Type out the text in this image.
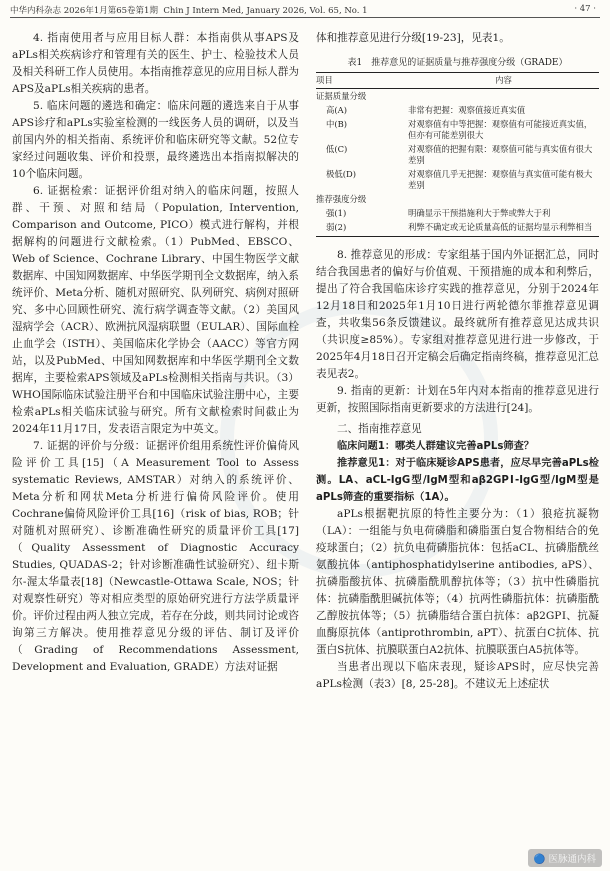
中华内科杂志 2026年1月第65卷第1期 Chin J Intern Med, January 2026, Vol. 65, No. 1	· 47 ·

4. 指南使用者与应用目标人群：本指南供从事APS及aPLs相关疾病诊疗和管理有关的医生、护士、检验技术人员及相关科研工作人员使用。本指南推荐意见的应用目标人群为APS及aPLs相关疾病的患者。

5. 临床问题的遴选和确定：临床问题的遴选来自于从事APS诊疗和aPLs实验室检测的一线医务人员的调研，以及当前国内外的相关指南、系统评价和临床研究等文献。52位专家经过问题收集、评价和投票，最终遴选出本指南拟解决的10个临床问题。

6. 证据检索：证据评价组对纳入的临床问题，按照人群、干预、对照和结局（Population, Intervention, Comparison and Outcome, PICO）模式进行解构，并根据解构的问题进行文献检索。（1）PubMed、EBSCO、Web of Science、Cochrane Library、中国生物医学文献数据库、中国知网数据库、中华医学期刊全文数据库，纳入系统评价、Meta分析、随机对照研究、队列研究、病例对照研究、多中心回顾性研究、流行病学调查等文献。（2）美国风湿病学会（ACR）、欧洲抗风湿病联盟（EULAR）、国际血栓止血学会（ISTH）、美国临床化学协会（AACC）等官方网站，以及PubMed、中国知网数据库和中华医学期刊全文数据库，主要检索APS领域及aPLs检测相关指南与共识。（3）WHO国际临床试验注册平台和中国临床试验注册中心，主要检索aPLs相关临床试验与研究。所有文献检索时间截止为2024年11月17日，发表语言限定为中英文。

7. 证据的评价与分级：证据评价组用系统性评价偏倚风险评价工具[15]（A Measurement Tool to Assess systematic Reviews, AMSTAR）对纳入的系统评价、Meta分析和网状Meta分析进行偏倚风险评价。使用Cochrane偏倚风险评价工具[16]（risk of bias, ROB；针对随机对照研究）、诊断准确性研究的质量评价工具[17]（Quality Assessment of Diagnostic Accuracy Studies, QUADAS-2；针对诊断准确性试验研究）、纽卡斯尔-渥太华量表[18]（Newcastle-Ottawa Scale, NOS；针对观察性研究）等对相应类型的原始研究进行方法学质量评价。评价过程由两人独立完成，若存在分歧，则共同讨论或咨询第三方解决。使用推荐意见分级的评估、制订及评价（Grading of Recommendations Assessment, Development and Evaluation, GRADE）方法对证据

体和推荐意见进行分级[19-23]，见表1。

表1　推荐意见的证据质量与推荐强度分级（GRADE）
项目	内容
证据质量分级	
高(A)	非常有把握：观察值接近真实值
中(B)	对观察值有中等把握：观察值有可能接近真实值，但亦有可能差别很大
低(C)	对观察值的把握有限：观察值可能与真实值有很大差别
极低(D)	对观察值几乎无把握：观察值与真实值可能有极大差别
推荐强度分级	
强(1)	明确显示干预措施利大于弊或弊大于利
弱(2)	利弊不确定或无论质量高低的证据均显示利弊相当

8. 推荐意见的形成：专家组基于国内外证据汇总，同时结合我国患者的偏好与价值观、干预措施的成本和利弊后，提出了符合我国临床诊疗实践的推荐意见，分别于2024年12月18日和2025年1月10日进行两轮德尔菲推荐意见调查，共收集56条反馈建议。最终就所有推荐意见达成共识（共识度≥85%）。专家组对推荐意见进行进一步修改，于2025年4月18日召开定稿会后确定指南终稿，推荐意见汇总表见表2。

9. 指南的更新：计划在5年内对本指南的推荐意见进行更新，按照国际指南更新要求的方法进行[24]。

二、指南推荐意见

临床问题1：哪类人群建议完善aPLs筛查？

推荐意见1：对于临床疑诊APS患者，应尽早完善aPLs检测。LA、aCL-IgG型/IgM型和aβ2GPⅠ-IgG型/IgM型是aPLs筛查的重要指标（1A）。

aPLs根据靶抗原的特性主要分为：（1）狼疮抗凝物（LA）：一组能与负电荷磷脂和磷脂蛋白复合物相结合的免疫球蛋白；（2）抗负电荷磷脂抗体：包括aCL、抗磷脂酰丝氨酸抗体（antiphosphatidylserine antibodies, aPS）、抗磷脂酸抗体、抗磷脂酰肌醇抗体等；（3）抗中性磷脂抗体：抗磷脂酰胆碱抗体等；（4）抗两性磷脂抗体：抗磷脂酰乙醇胺抗体等；（5）抗磷脂结合蛋白抗体：aβ2GPⅠ、抗凝血酶原抗体（antiprothrombin, aPT）、抗蛋白C抗体、抗蛋白S抗体、抗膜联蛋白A2抗体、抗膜联蛋白A5抗体等。

当患者出现以下临床表现，疑诊APS时，应尽快完善aPLs检测（表3）[8, 25-28]。不建议无上述症状

🔵 医脉通内科
